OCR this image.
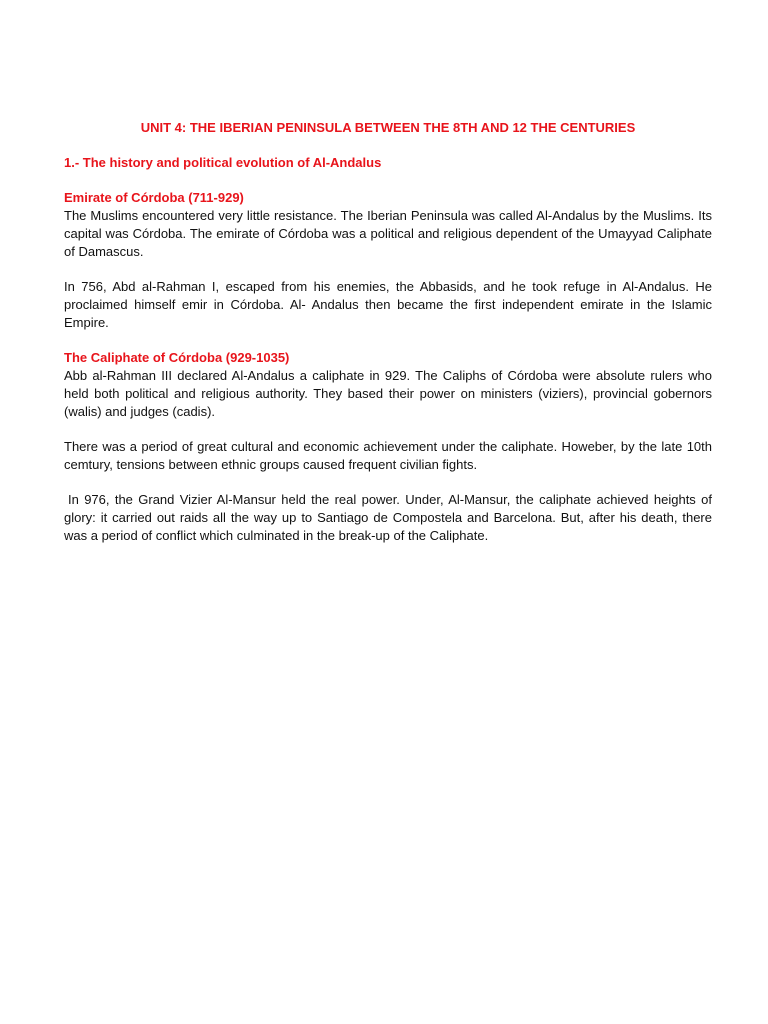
UNIT 4: THE IBERIAN PENINSULA BETWEEN THE 8TH AND 12 THE CENTURIES

1.- The history and political evolution of Al-Andalus

Emirate of Córdoba (711-929)

The Muslims encountered very little resistance. The Iberian Peninsula was called Al-Andalus by the Muslims. Its capital was Córdoba. The emirate of Córdoba was a political and religious dependent of the Umayyad Caliphate of Damascus.

In 756, Abd al-Rahman I, escaped from his enemies, the Abbasids, and he took refuge in Al-Andalus. He proclaimed himself emir in Córdoba. Al- Andalus then became the first independent emirate in the Islamic Empire.

The Caliphate of Córdoba (929-1035)

Abb al-Rahman III declared Al-Andalus a caliphate in 929. The Caliphs of Córdoba were absolute rulers who held both political and religious authority. They based their power on ministers (viziers), provincial gobernors (walis) and judges (cadis).

There was a period of great cultural and economic achievement under the caliphate. Howeber, by the late 10th cemtury, tensions between ethnic groups caused frequent civilian fights.

In 976, the Grand Vizier Al-Mansur held the real power. Under, Al-Mansur, the caliphate achieved heights of glory: it carried out raids all the way up to Santiago de Compostela and Barcelona. But, after his death, there was a period of conflict which culminated in the break-up of the Caliphate.
